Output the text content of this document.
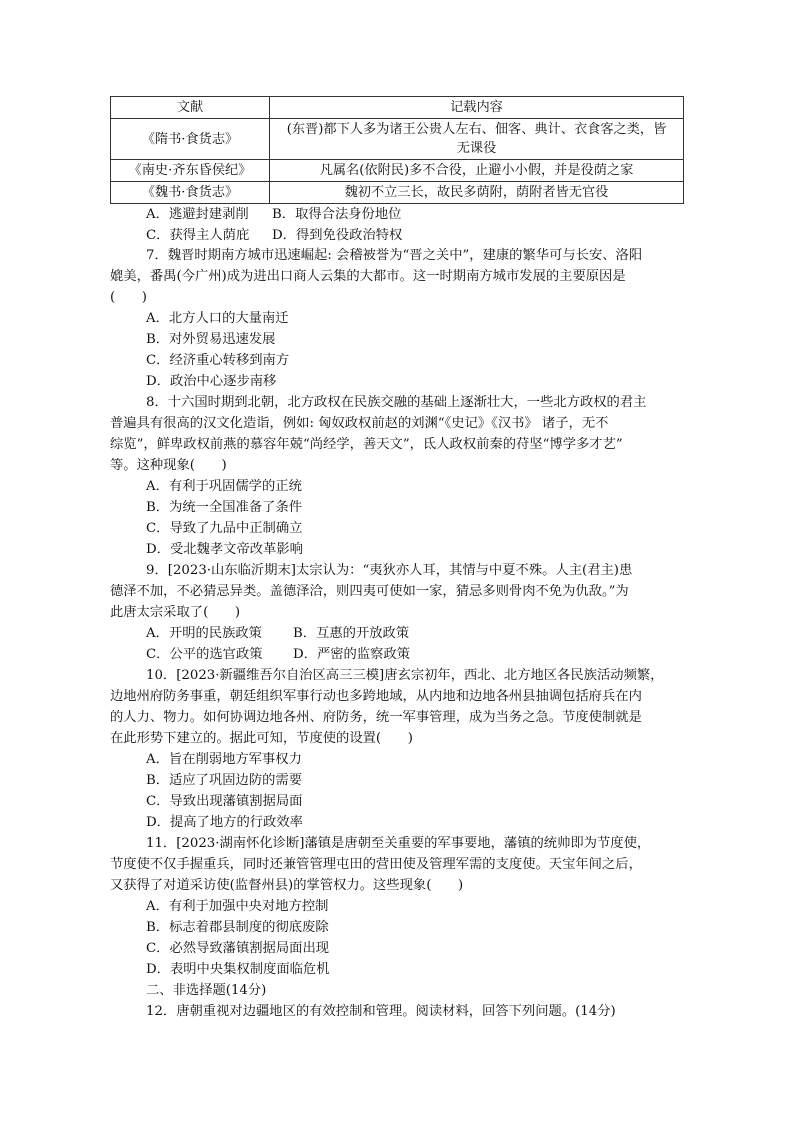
文献	记载内容
《隋书·食货志》	(东晋)都下人多为诸王公贵人左右、佃客、典计、衣食客之类，皆
无课役

《南史·齐东昏侯纪》	凡属名(依附民)多不合役，止避小小假，并是役荫之家
《魏书·食货志》	魏初不立三长，故民多荫附，荫附者皆无官役
A．逃避封建剥削 B．取得合法身份地位
C．获得主人荫庇 D．得到免役政治特权
7．魏晋时期南方城市迅速崛起: 会稽被誉为“晋之关中”，建康的繁华可与长安、洛阳
媲美，番禺(今广州)成为进出口商人云集的大都市。这一时期南方城市发展的主要原因是
(　　)
A．北方人口的大量南迁
B．对外贸易迅速发展
C．经济重心转移到南方
D．政治中心逐步南移
8．十六国时期到北朝，北方政权在民族交融的基础上逐渐壮大，一些北方政权的君主
普遍具有很高的汉文化造诣，例如: 匈奴政权前赵的刘渊“《史记》《汉书》 诸子，无不
综览”，鲜卑政权前燕的慕容年兢“尚经学，善天文”，氐人政权前秦的苻坚“博学多才艺”
等。这种现象(　　)
A．有利于巩固儒学的正统
B．为统一全国准备了条件
C．导致了九品中正制确立
D．受北魏孝文帝改革影响
9．[2023·山东临沂期末]太宗认为：“夷狄亦人耳，其情与中夏不殊。人主(君主)患
德泽不加，不必猜忌异类。盖德泽洽，则四夷可使如一家，猜忌多则骨肉不免为仇敌。”为
此唐太宗采取了(　　)
A．开明的民族政策 B．互惠的开放政策
C．公平的选官政策 D．严密的监察政策
10．[2023·新疆维吾尔自治区高三三模]唐玄宗初年，西北、北方地区各民族活动频繁，
边地州府防务事重，朝廷组织军事行动也多跨地域，从内地和边地各州县抽调包括府兵在内
的人力、物力。如何协调边地各州、府防务，统一军事管理，成为当务之急。节度使制就是
在此形势下建立的。据此可知，节度使的设置(　　)
A．旨在削弱地方军事权力
B．适应了巩固边防的需要
C．导致出现藩镇割据局面
D．提高了地方的行政效率
11．[2023·湖南怀化诊断]藩镇是唐朝至关重要的军事要地，藩镇的统帅即为节度使，
节度使不仅手握重兵，同时还兼管管理屯田的营田使及管理军需的支度使。天宝年间之后，
又获得了对道采访使(监督州县)的掌管权力。这些现象(　　)
A．有利于加强中央对地方控制
B．标志着郡县制度的彻底废除
C．必然导致藩镇割据局面出现
D．表明中央集权制度面临危机
二、非选择题(14分)
12．唐朝重视对边疆地区的有效控制和管理。阅读材料，回答下列问题。(14分)
